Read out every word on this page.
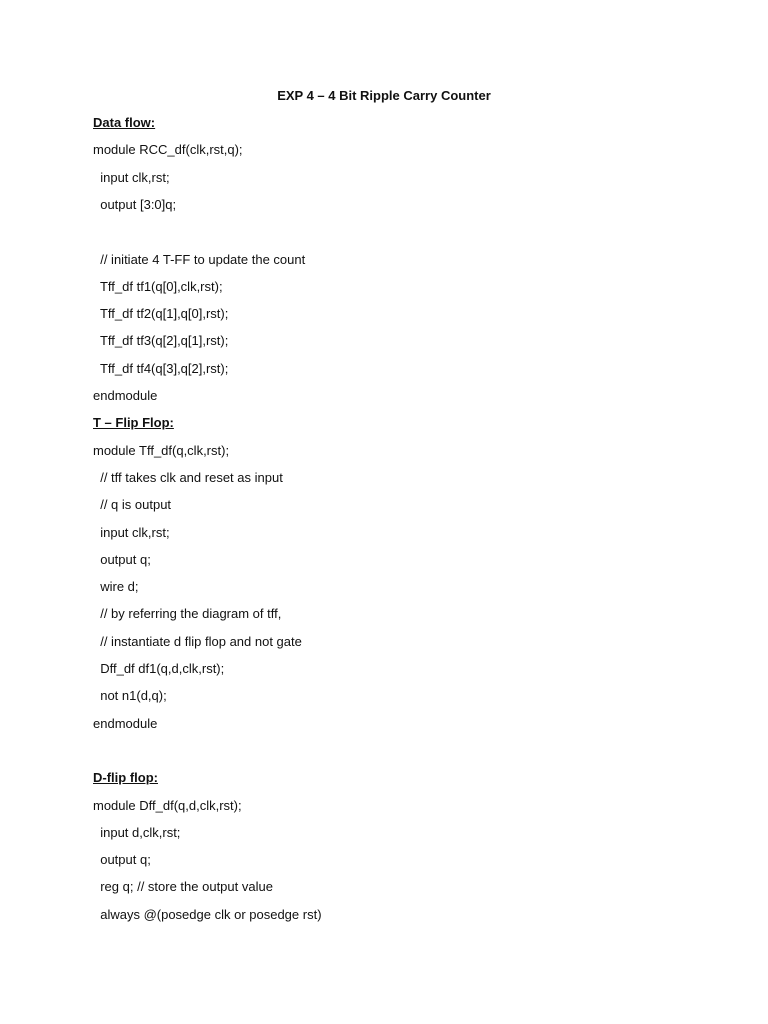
EXP 4 – 4 Bit Ripple Carry Counter
Data flow:
module RCC_df(clk,rst,q);
input clk,rst;
output [3:0]q;
// initiate 4 T-FF to update the count
Tff_df tf1(q[0],clk,rst);
Tff_df tf2(q[1],q[0],rst);
Tff_df tf3(q[2],q[1],rst);
Tff_df tf4(q[3],q[2],rst);
endmodule
T – Flip Flop:
module Tff_df(q,clk,rst);
// tff takes clk and reset as input
// q is output
input clk,rst;
output q;
wire d;
// by referring the diagram of tff,
// instantiate d flip flop and not gate
Dff_df df1(q,d,clk,rst);
not n1(d,q);
endmodule
D-flip flop:
module Dff_df(q,d,clk,rst);
input d,clk,rst;
output q;
reg q; // store the output value
always @(posedge clk or posedge rst)
